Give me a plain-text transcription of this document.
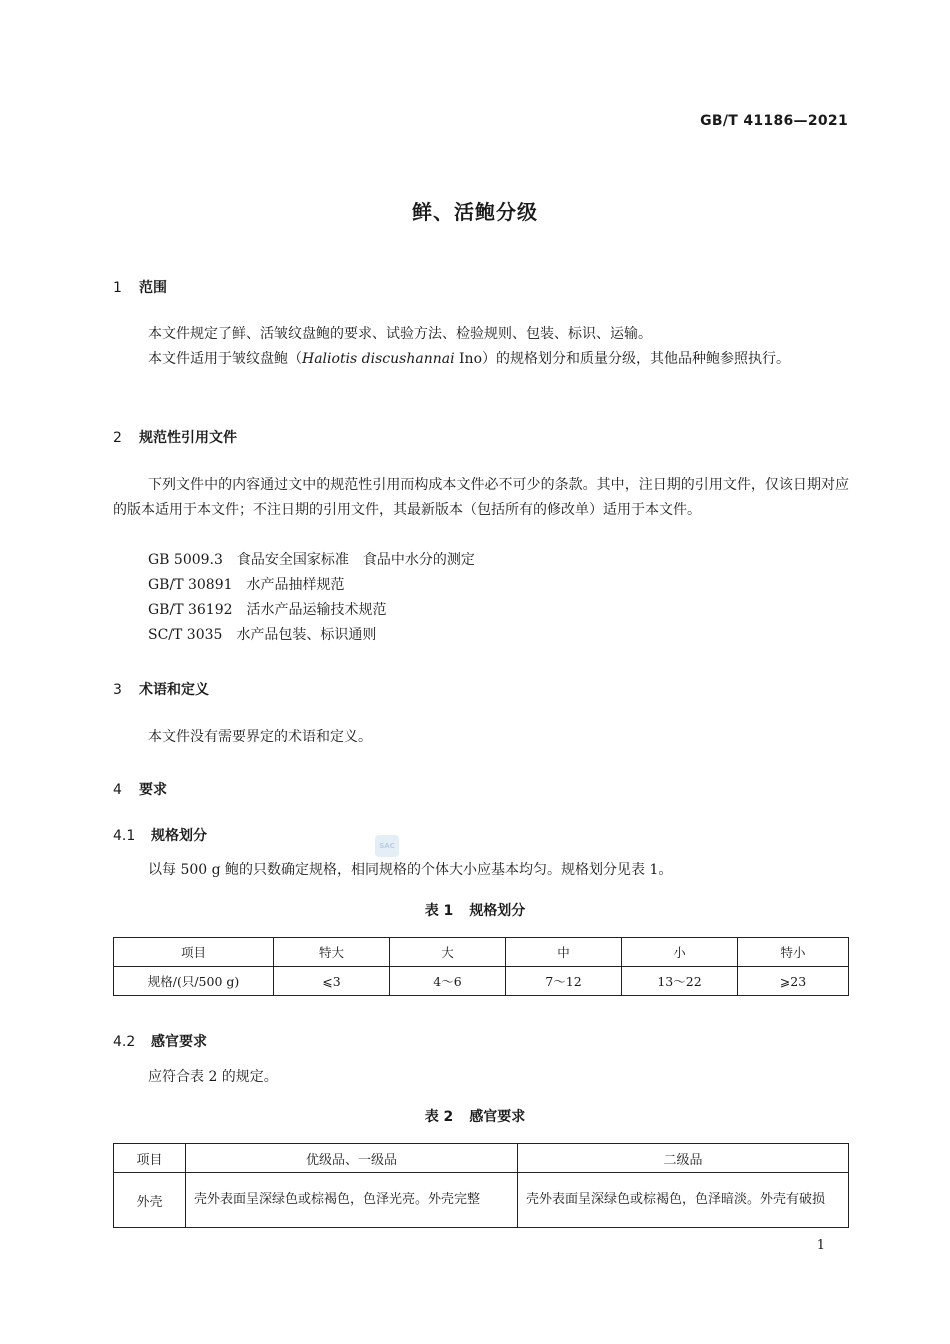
GB/T 41186—2021
鲜、活鲍分级
1 范围
本文件规定了鲜、活皱纹盘鲍的要求、试验方法、检验规则、包装、标识、运输。
本文件适用于皱纹盘鲍（Haliotis discushannai Ino）的规格划分和质量分级，其他品种鲍参照执行。
2 规范性引用文件
下列文件中的内容通过文中的规范性引用而构成本文件必不可少的条款。其中，注日期的引用文件，仅该日期对应的版本适用于本文件；不注日期的引用文件，其最新版本（包括所有的修改单）适用于本文件。
GB 5009.3 食品安全国家标准　食品中水分的测定
GB/T 30891 水产品抽样规范
GB/T 36192 活水产品运输技术规范
SC/T 3035 水产品包装、标识通则
3 术语和定义
本文件没有需要界定的术语和定义。
4 要求
4.1 规格划分
SAC
以每 500 g 鲍的只数确定规格，相同规格的个体大小应基本均匀。规格划分见表 1。
表 1 规格划分
项目	特大	大	中	小	特小
规格/(只/500 g)	⩽3	4～6	7～12	13～22	⩾23
4.2 感官要求
应符合表 2 的规定。
表 2 感官要求
项目	优级品、一级品	二级品
外壳	壳外表面呈深绿色或棕褐色，色泽光亮。外壳完整	壳外表面呈深绿色或棕褐色，色泽暗淡。外壳有破损
1
